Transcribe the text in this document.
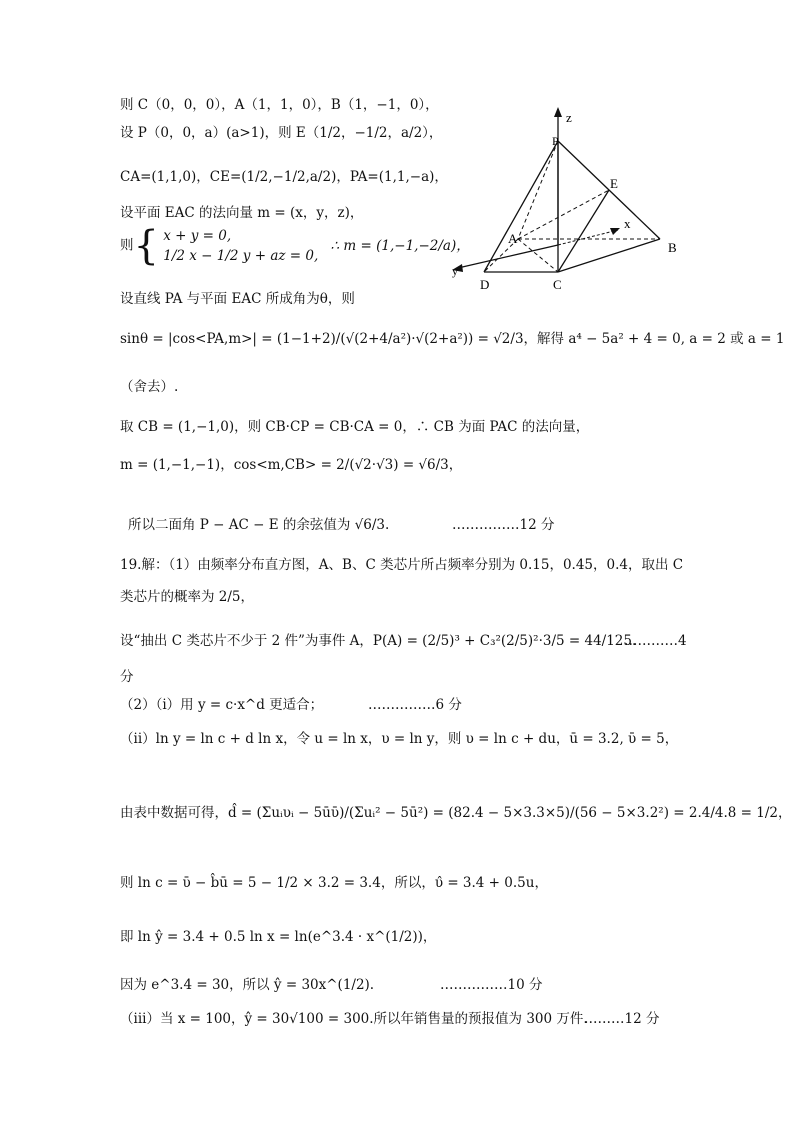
z
y
x
P
E
A
B
D	C
则 C（0，0，0），A（1，1，0），B（1，−1，0），
设 P（0，0，a）(a>1)，则 E（1/2，−1/2，a/2），
CA=(1,1,0)，CE=(1/2,−1/2,a/2)，PA=(1,1,−a)，
设平面 EAC 的法向量 m = (x，y，z)，
则{ x + y = 0,
1/2 x − 1/2 y + az = 0,
∴ m = (1,−1,−2/a)，
设直线 PA 与平面 EAC 所成角为θ，则
sinθ = |cos<PA,m>| = (1−1+2)/(√(2+4/a²)·√(2+a²)) = √2/3，解得 a⁴ − 5a² + 4 = 0, a = 2 或 a = 1
（舍去）.
取 CB = (1,−1,0)，则 CB·CP = CB·CA = 0，∴ CB 为面 PAC 的法向量，
m = (1,−1,−1)，cos<m,CB> = 2/(√2·√3) = √6/3，
所以二面角 P − AC − E 的余弦值为 √6/3.	……………12 分
19.解：（1）由频率分布直方图，A、B、C 类芯片所占频率分别为 0.15，0.45，0.4，取出 C
类芯片的概率为 2/5，
设“抽出 C 类芯片不少于 2 件”为事件 A，P(A) = (2/5)³ + C₃²(2/5)²·3/5 = 44/125.
…………4
分
（2）（i）用 y = c·x^d 更适合；	……………6 分
（ii）ln y = ln c + d ln x，令 u = ln x，υ = ln y，则 υ = ln c + du，ū = 3.2, ῡ = 5，
由表中数据可得，d̂ = (Σuᵢυᵢ − 5ūῡ)/(Σuᵢ² − 5ū²) = (82.4 − 5×3.3×5)/(56 − 5×3.2²) = 2.4/4.8 = 1/2，
则 ln c = ῡ − b̂ū = 5 − 1/2 × 3.2 = 3.4，所以，υ̂ = 3.4 + 0.5u，
即 ln ŷ = 3.4 + 0.5 ln x = ln(e^3.4 · x^(1/2))，
因为 e^3.4 = 30，所以 ŷ = 30x^(1/2).	……………10 分
（iii）当 x = 100，ŷ = 30√100 = 300.所以年销售量的预报值为 300 万件.
………12 分
